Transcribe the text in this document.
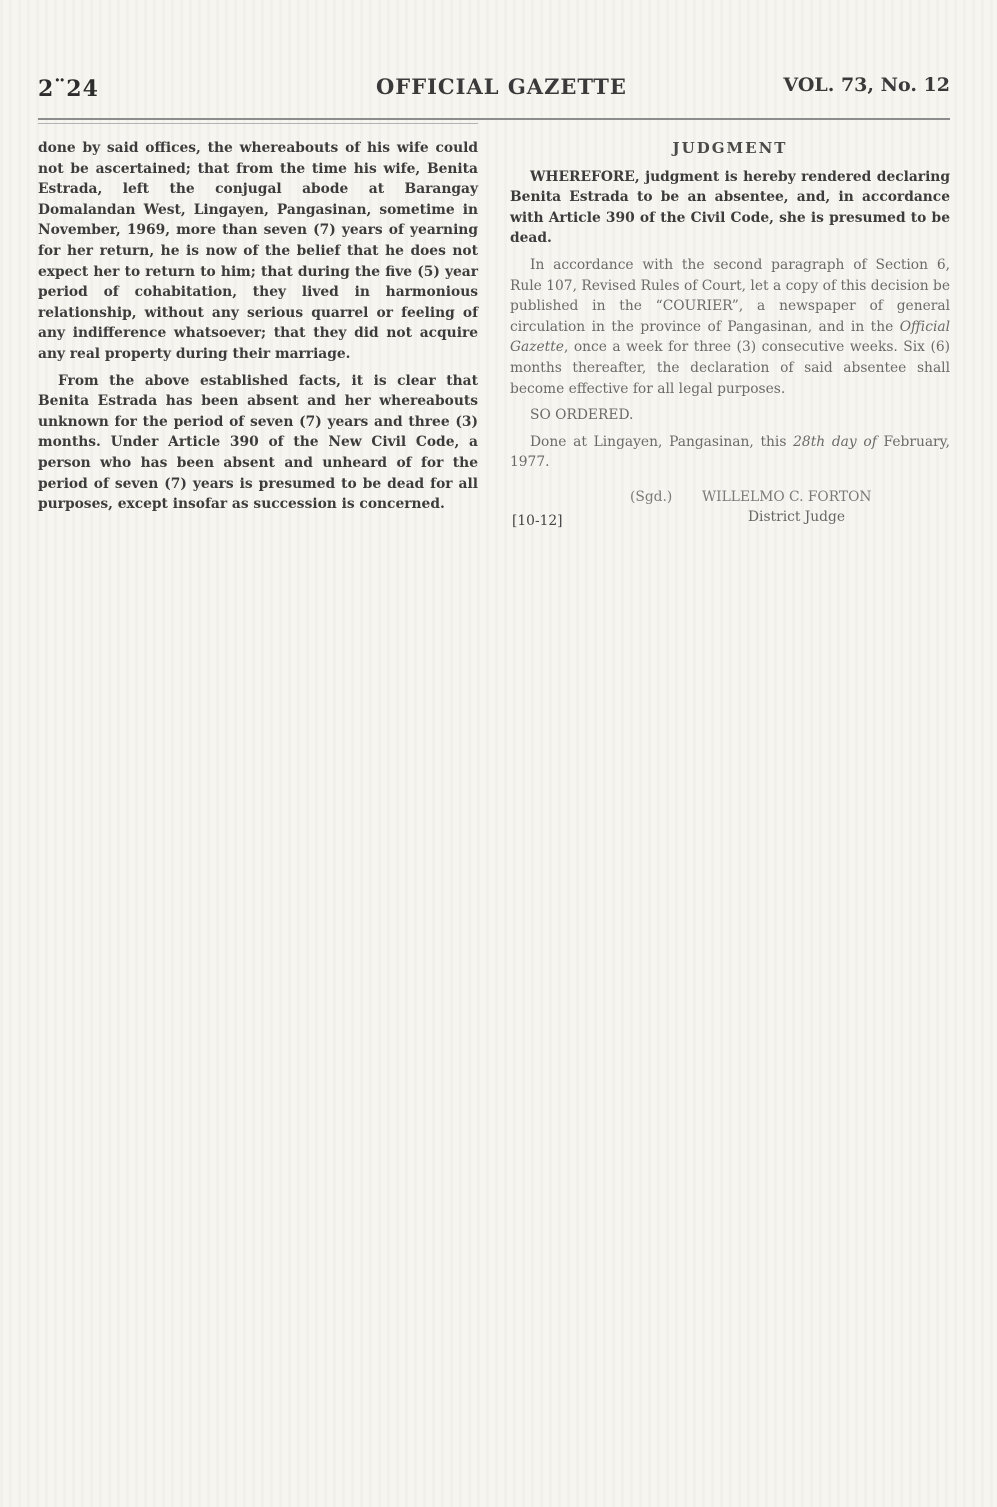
2¨24	OFFICIAL GAZETTE	VOL. 73, No. 12

done by said offices, the whereabouts of his wife could not be ascertained; that from the time his wife, Benita Estrada, left the conjugal abode at Barangay Domalandan West, Lingayen, Pangasinan, sometime in November, 1969, more than seven (7) years of yearning for her return, he is now of the belief that he does not expect her to return to him; that during the five (5) year period of cohabitation, they lived in harmonious relationship, without any serious quarrel or feeling of any indifference whatsoever; that they did not acquire any real property during their marriage.

From the above established facts, it is clear that Benita Estrada has been absent and her whereabouts unknown for the period of seven (7) years and three (3) months. Under Article 390 of the New Civil Code, a person who has been absent and unheard of for the period of seven (7) years is presumed to be dead for all purposes, except insofar as succession is concerned.

JUDGMENT

WHEREFORE, judgment is hereby rendered declaring Benita Estrada to be an absentee, and, in accordance with Article 390 of the Civil Code, she is presumed to be dead.

In accordance with the second paragraph of Section 6, Rule 107, Revised Rules of Court, let a copy of this decision be published in the “COURIER”, a newspaper of general circulation in the province of Pangasinan, and in the Official Gazette, once a week for three (3) consecutive weeks. Six (6) months thereafter, the declaration of said absentee shall become effective for all legal purposes.

SO ORDERED.

Done at Lingayen, Pangasinan, this 28th day of February, 1977.

(Sgd.) WILLELMO C. FORTON
District Judge
[10-12]
